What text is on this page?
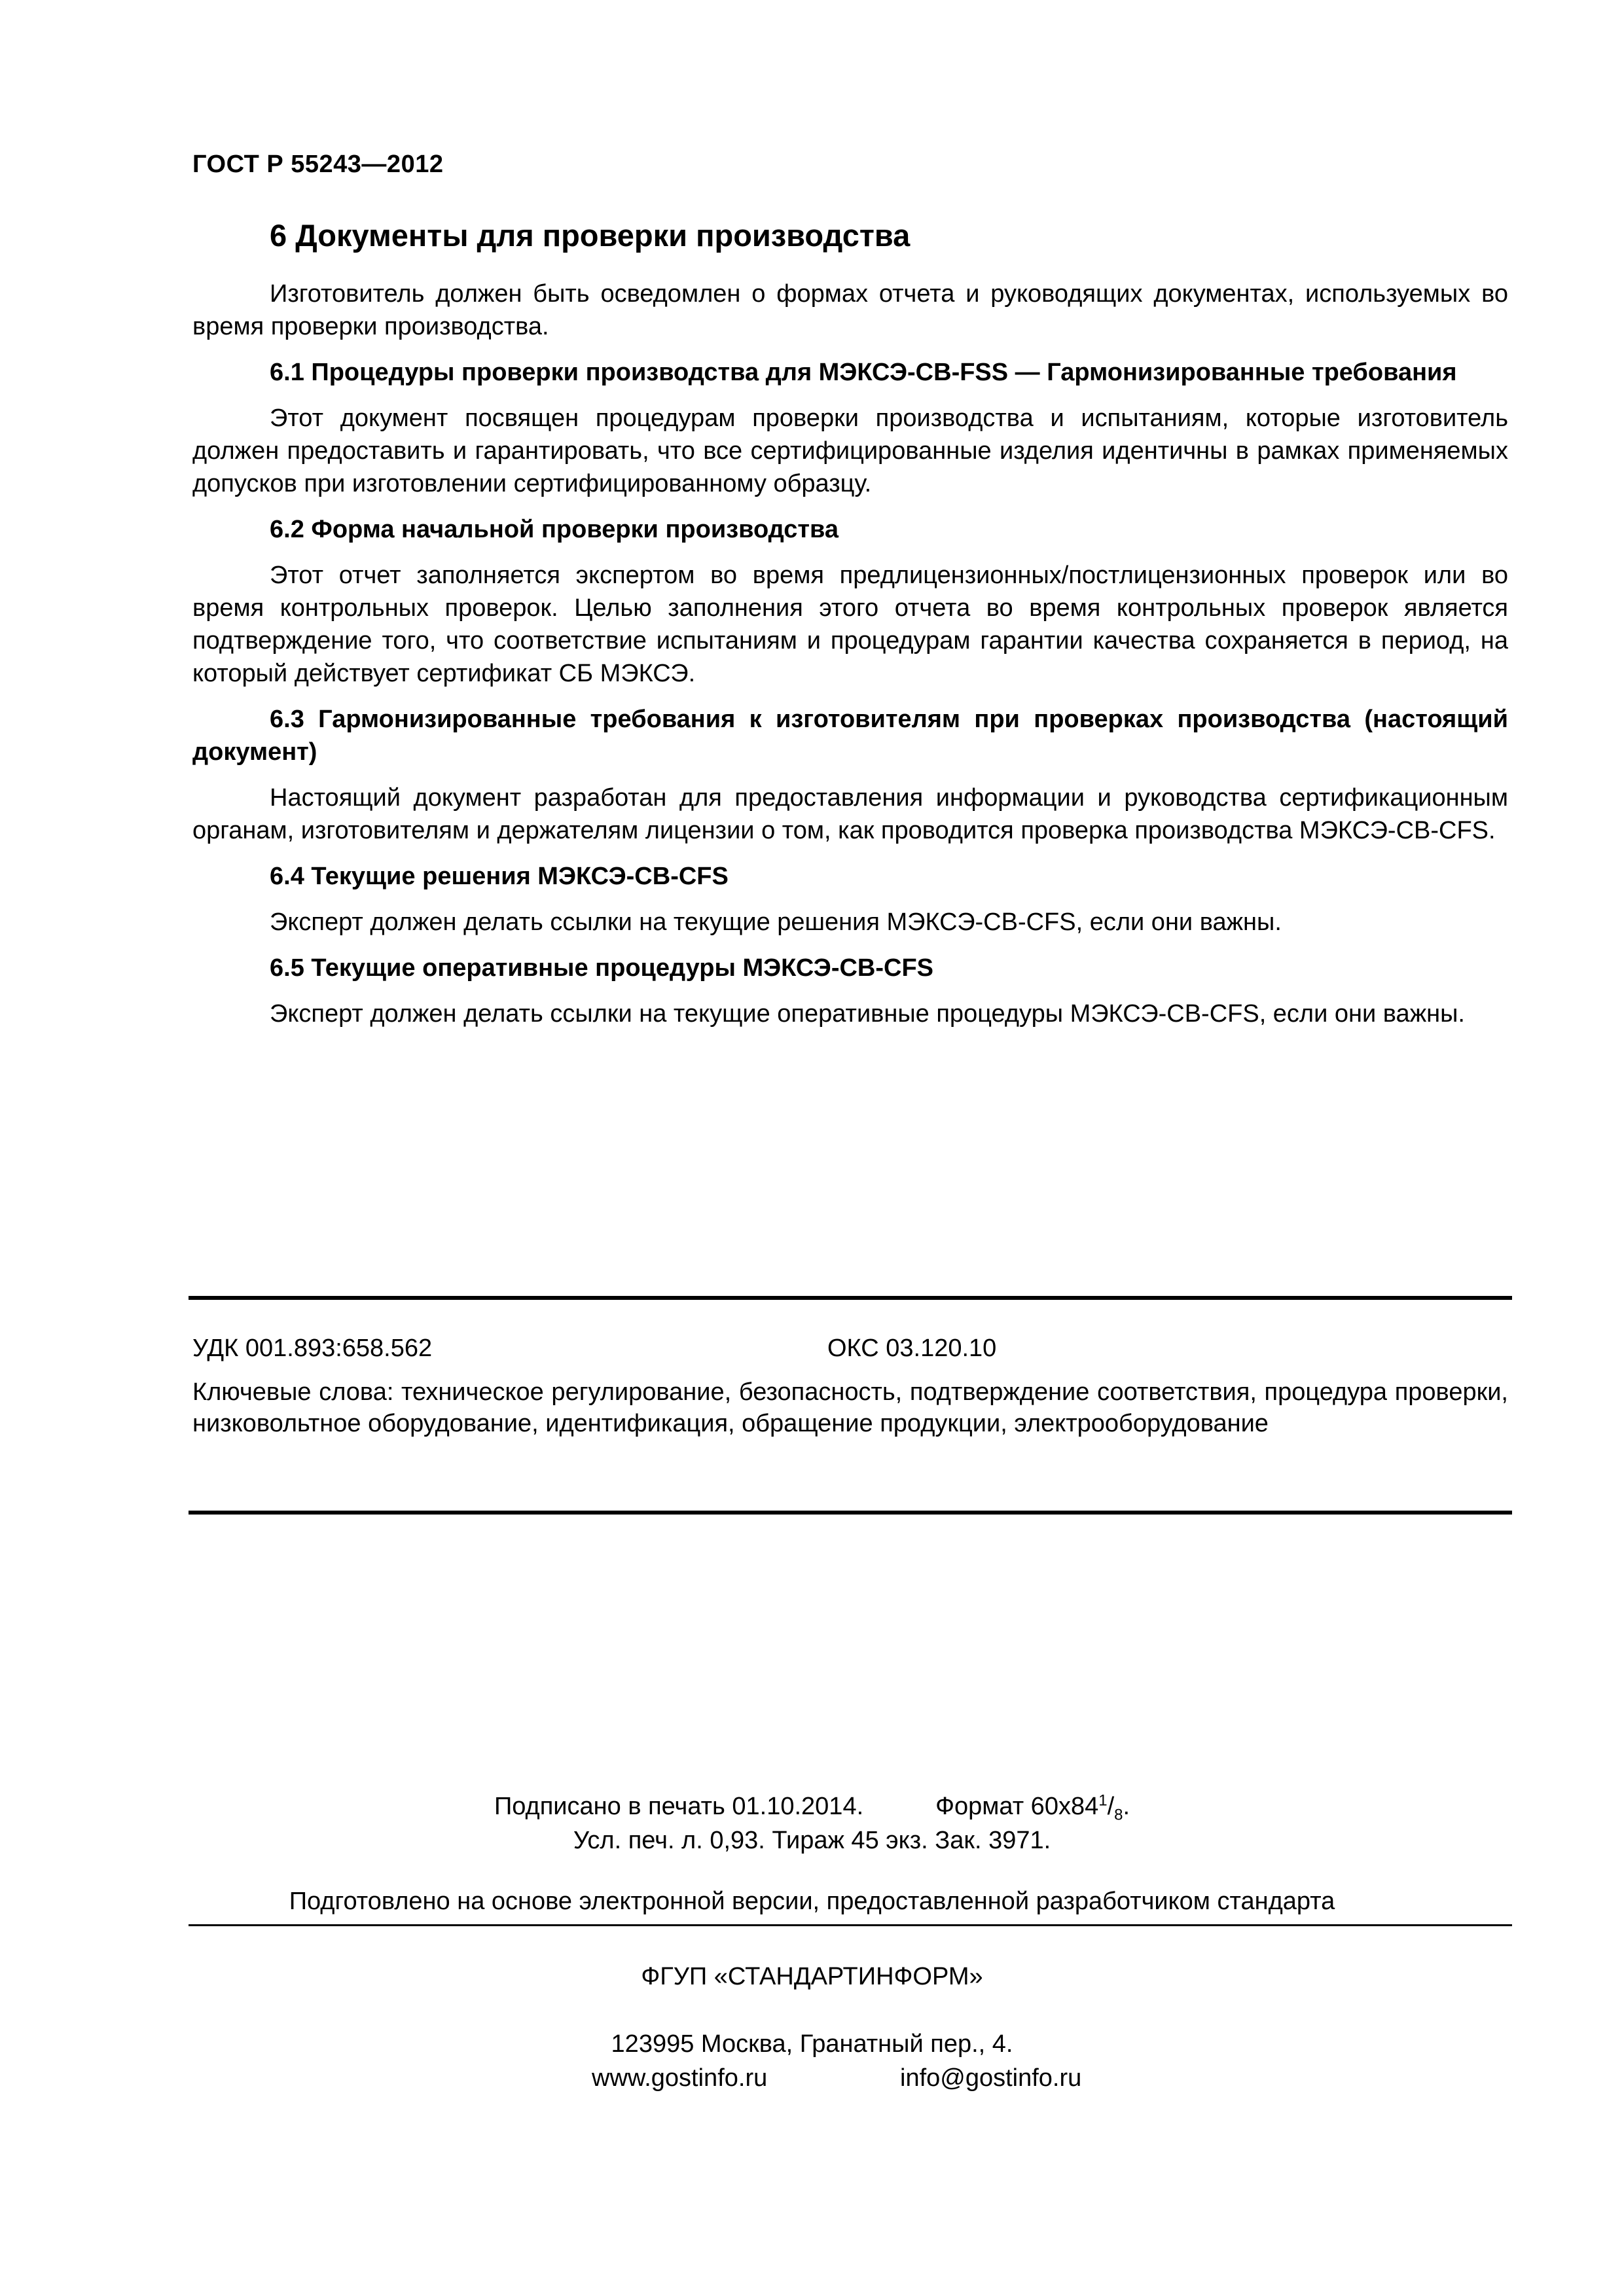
ГОСТ Р 55243—2012

6 Документы для проверки производства

Изготовитель должен быть осведомлен о формах отчета и руководящих документах, используемых во время проверки производства.

6.1 Процедуры проверки производства для МЭКСЭ-CB-FSS — Гармонизированные требования

Этот документ посвящен процедурам проверки производства и испытаниям, которые изготовитель должен предоставить и гарантировать, что все сертифицированные изделия идентичны в рамках применяемых допусков при изготовлении сертифицированному образцу.

6.2 Форма начальной проверки производства

Этот отчет заполняется экспертом во время предлицензионных/постлицензионных проверок или во время контрольных проверок. Целью заполнения этого отчета во время контрольных проверок является подтверждение того, что соответствие испытаниям и процедурам гарантии качества сохраняется в период, на который действует сертификат СБ МЭКСЭ.

6.3 Гармонизированные требования к изготовителям при проверках производства (настоящий документ)

Настоящий документ разработан для предоставления информации и руководства сертификационным органам, изготовителям и держателям лицензии о том, как проводится проверка производства МЭКСЭ-CB-CFS.

6.4 Текущие решения МЭКСЭ-CB-CFS

Эксперт должен делать ссылки на текущие решения МЭКСЭ-CB-CFS, если они важны.

6.5 Текущие оперативные процедуры МЭКСЭ-CB-CFS

Эксперт должен делать ссылки на текущие оперативные процедуры МЭКСЭ-CB-CFS, если они важны.

УДК 001.893:658.562	ОКС 03.120.10

Ключевые слова: техническое регулирование, безопасность, подтверждение соответствия, процедура проверки, низковольтное оборудование, идентификация, обращение продукции, электрооборудование

Подписано в печать 01.10.2014.	Формат $60x84^1/_8$.
Усл. печ. л. 0,93. Тираж 45 экз. Зак. 3971.
Подготовлено на основе электронной версии, предоставленной разработчиком стандарта
ФГУП «СТАНДАРТИНФОРМ»
123995 Москва, Гранатный пер., 4.
www.gostinfo.ru	info@gostinfo.ru
